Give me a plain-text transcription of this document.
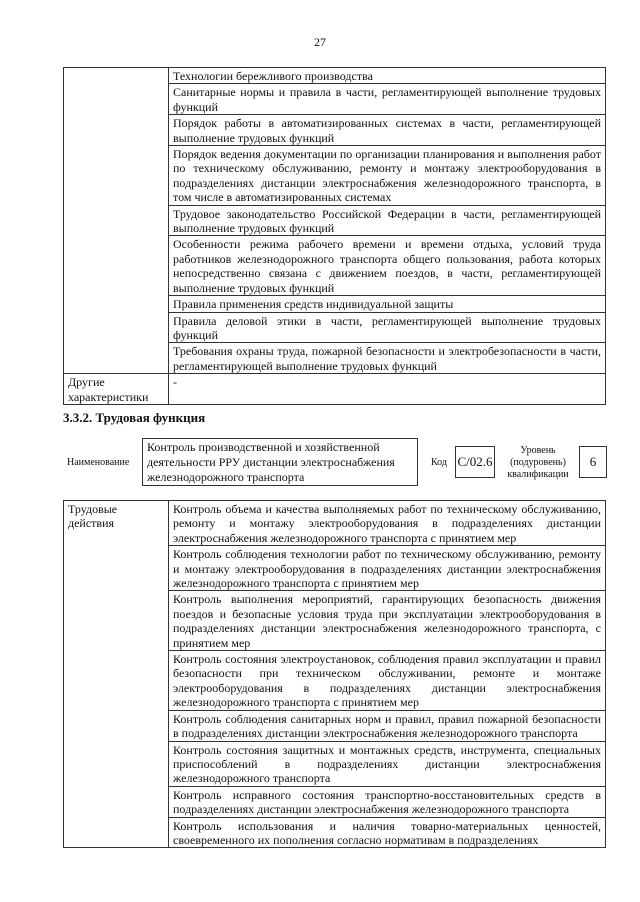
27
	Технологии бережливого производства
	Санитарные нормы и правила в части, регламентирующей выполнение трудовых функций
	Порядок работы в автоматизированных системах в части, регламентирующей выполнение трудовых функций
	Порядок ведения документации по организации планирования и выполнения работ по техническому обслуживанию, ремонту и монтажу электрооборудования в подразделениях дистанции электроснабжения железнодорожного транспорта, в том числе в автоматизированных системах
	Трудовое законодательство Российской Федерации в части, регламентирующей выполнение трудовых функций
	Особенности режима рабочего времени и времени отдыха, условий труда работников железнодорожного транспорта общего пользования, работа которых непосредственно связана с движением поездов, в части, регламентирующей выполнение трудовых функций
	Правила применения средств индивидуальной защиты
	Правила деловой этики в части, регламентирующей выполнение трудовых функций
	Требования охраны труда, пожарной безопасности и электробезопасности в части, регламентирующей выполнение трудовых функций
Другие характеристики	-
3.3.2. Трудовая функция
Наименование
Контроль производственной и хозяйственной деятельности РРУ дистанции электроснабжения железнодорожного транспорта
Код С/02.6
Уровень (подуровень) квалификации
6
Трудовые действия	Контроль объема и качества выполняемых работ по техническому обслуживанию, ремонту и монтажу электрооборудования в подразделениях дистанции электроснабжения железнодорожного транспорта с принятием мер
Контроль соблюдения технологии работ по техническому обслуживанию, ремонту и монтажу электрооборудования в подразделениях дистанции электроснабжения железнодорожного транспорта с принятием мер
Контроль выполнения мероприятий, гарантирующих безопасность движения поездов и безопасные условия труда при эксплуатации электрооборудования в подразделениях дистанции электроснабжения железнодорожного транспорта, с принятием мер
Контроль состояния электроустановок, соблюдения правил эксплуатации и правил безопасности при техническом обслуживании, ремонте и монтаже электрооборудования в подразделениях дистанции электроснабжения железнодорожного транспорта с принятием мер
Контроль соблюдения санитарных норм и правил, правил пожарной безопасности в подразделениях дистанции электроснабжения железнодорожного транспорта
Контроль состояния защитных и монтажных средств, инструмента, специальных приспособлений в подразделениях дистанции электроснабжения железнодорожного транспорта
Контроль исправного состояния транспортно-восстановительных средств в подразделениях дистанции электроснабжения железнодорожного транспорта
Контроль использования и наличия товарно-материальных ценностей, своевременного их пополнения согласно нормативам в подразделениях
